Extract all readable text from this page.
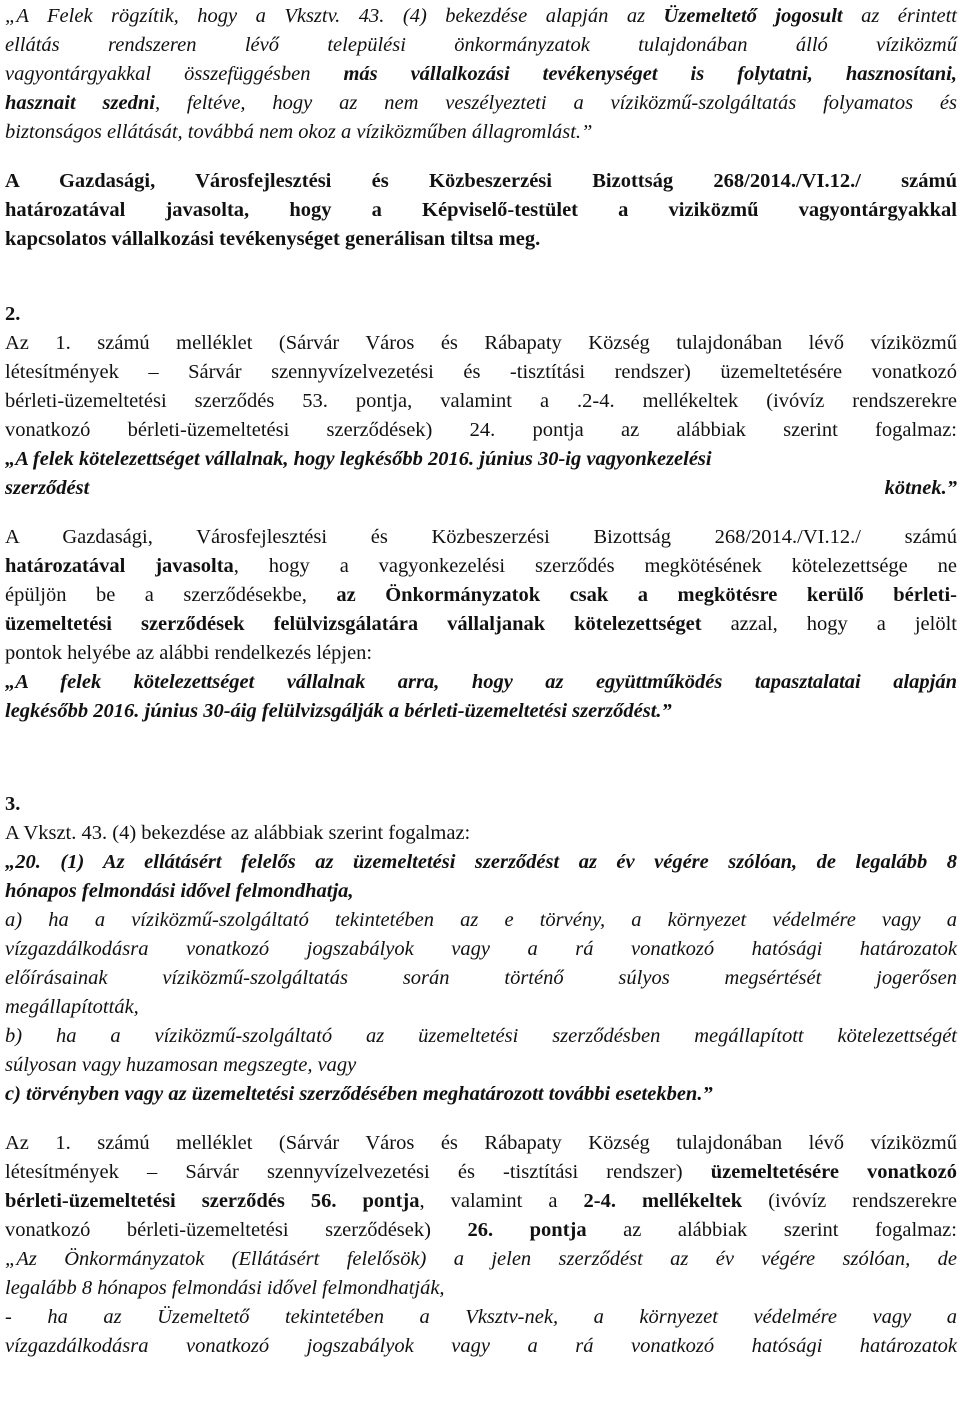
„A Felek rögzítik, hogy a Vksztv. 43. (4) bekezdése alapján az Üzemeltető jogosult az érintett
ellátás rendszeren lévő települési önkormányzatok tulajdonában álló víziközmű
vagyontárgyakkal összefüggésben más vállalkozási tevékenységet is folytatni, hasznosítani,
hasznait szedni, feltéve, hogy az nem veszélyezteti a víziközmű-szolgáltatás folyamatos és
biztonságos ellátását, továbbá nem okoz a víziközműben állagromlást.”
A Gazdasági, Városfejlesztési és Közbeszerzési Bizottság 268/2014./VI.12./ számú
határozatával javasolta, hogy a Képviselő-testület a viziközmű vagyontárgyakkal
kapcsolatos vállalkozási tevékenységet generálisan tiltsa meg.
2.
Az 1. számú melléklet (Sárvár Város és Rábapaty Község tulajdonában lévő víziközmű
létesítmények – Sárvár szennyvízelvezetési és -tisztítási rendszer) üzemeltetésére vonatkozó
bérleti-üzemeltetési szerződés 53. pontja, valamint a .2-4. mellékeltek (ivóvíz rendszerekre
vonatkozó bérleti-üzemeltetési szerződések) 24. pontja az alábbiak szerint fogalmaz:
„A felek kötelezettséget vállalnak, hogy legkésőbb 2016. június 30-ig vagyonkezelési
szerződést kötnek.”
A Gazdasági, Városfejlesztési és Közbeszerzési Bizottság 268/2014./VI.12./ számú
határozatával javasolta, hogy a vagyonkezelési szerződés megkötésének kötelezettsége ne
épüljön be a szerződésekbe, az Önkormányzatok csak a megkötésre kerülő bérleti-
üzemeltetési szerződések felülvizsgálatára vállaljanak kötelezettséget azzal, hogy a jelölt
pontok helyébe az alábbi rendelkezés lépjen:
„A felek kötelezettséget vállalnak arra, hogy az együttműködés tapasztalatai alapján
legkésőbb 2016. június 30-áig felülvizsgálják a bérleti-üzemeltetési szerződést.”
3.
A Vkszt. 43. (4) bekezdése az alábbiak szerint fogalmaz:
„20. (1) Az ellátásért felelős az üzemeltetési szerződést az év végére szólóan, de legalább 8
hónapos felmondási idővel felmondhatja,
a) ha a víziközmű-szolgáltató tekintetében az e törvény, a környezet védelmére vagy a
vízgazdálkodásra vonatkozó jogszabályok vagy a rá vonatkozó hatósági határozatok
előírásainak víziközmű-szolgáltatás során történő súlyos megsértését jogerősen
megállapították,
b) ha a víziközmű-szolgáltató az üzemeltetési szerződésben megállapított kötelezettségét
súlyosan vagy huzamosan megszegte, vagy
c) törvényben vagy az üzemeltetési szerződésében meghatározott további esetekben.”
Az 1. számú melléklet (Sárvár Város és Rábapaty Község tulajdonában lévő víziközmű
létesítmények – Sárvár szennyvízelvezetési és -tisztítási rendszer) üzemeltetésére vonatkozó
bérleti-üzemeltetési szerződés 56. pontja, valamint a 2-4. mellékeltek (ivóvíz rendszerekre
vonatkozó bérleti-üzemeltetési szerződések) 26. pontja az alábbiak szerint fogalmaz:
„Az Önkormányzatok (Ellátásért felelősök) a jelen szerződést az év végére szólóan, de
legalább 8 hónapos felmondási idővel felmondhatják,
- ha az Üzemeltető tekintetében a Vksztv-nek, a környezet védelmére vagy a
vízgazdálkodásra vonatkozó jogszabályok vagy a rá vonatkozó hatósági határozatok
